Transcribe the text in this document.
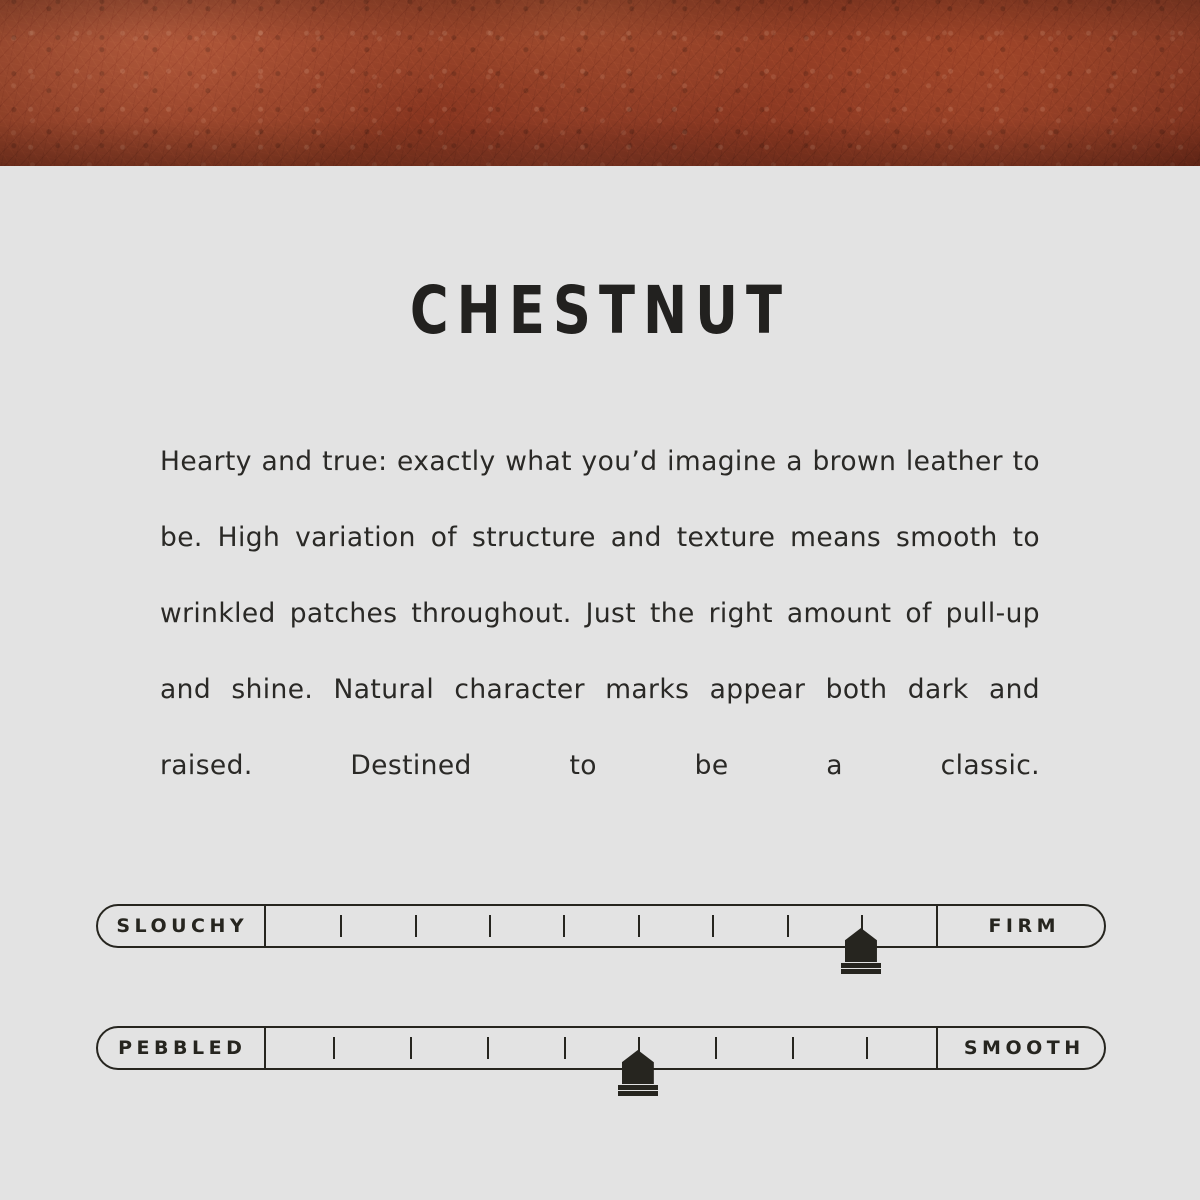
CHESTNUT
Hearty and true: exactly what you’d imagine a brown leather to be. High variation of structure and texture means smooth to wrinkled patches throughout. Just the right amount of pull-up and shine. Natural character marks appear both dark and raised. Destined to be a classic.
SLOUCHY	FIRM
PEBBLED	SMOOTH
